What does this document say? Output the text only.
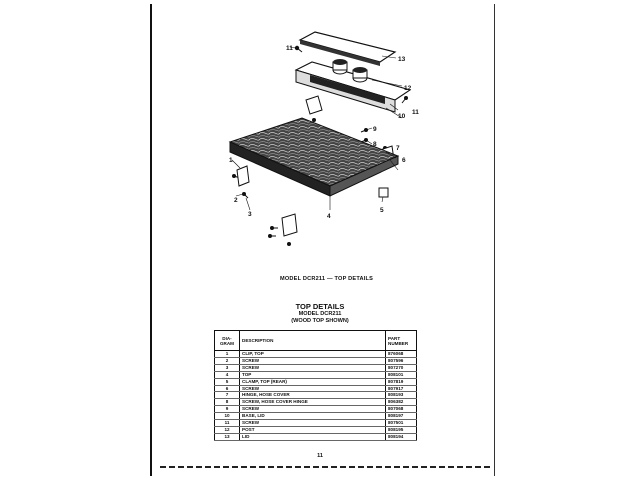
11
13
12
11
10
9
8
7
6
5
1
2
3	4
MODEL DCR211 — TOP DETAILS
TOP DETAILS
MODEL DCR211
(WOOD TOP SHOWN)
DIA-
GRAM	DESCRIPTION	PART
NUMBER
1	CLIP, TOP	876068
2	SCREW	807596
3	SCREW	807270
4	TOP	808101
5	CLAMP, TOP (REAR)	807819
6	SCREW	807917
7	HINGE, HOSE COVER	808193
8	SCREW, HOSE COVER HINGE	806382
9	SCREW	807068
10	BASE, LID	808197
11	SCREW	807501
12	POST	808195
13	LID	808194
11
